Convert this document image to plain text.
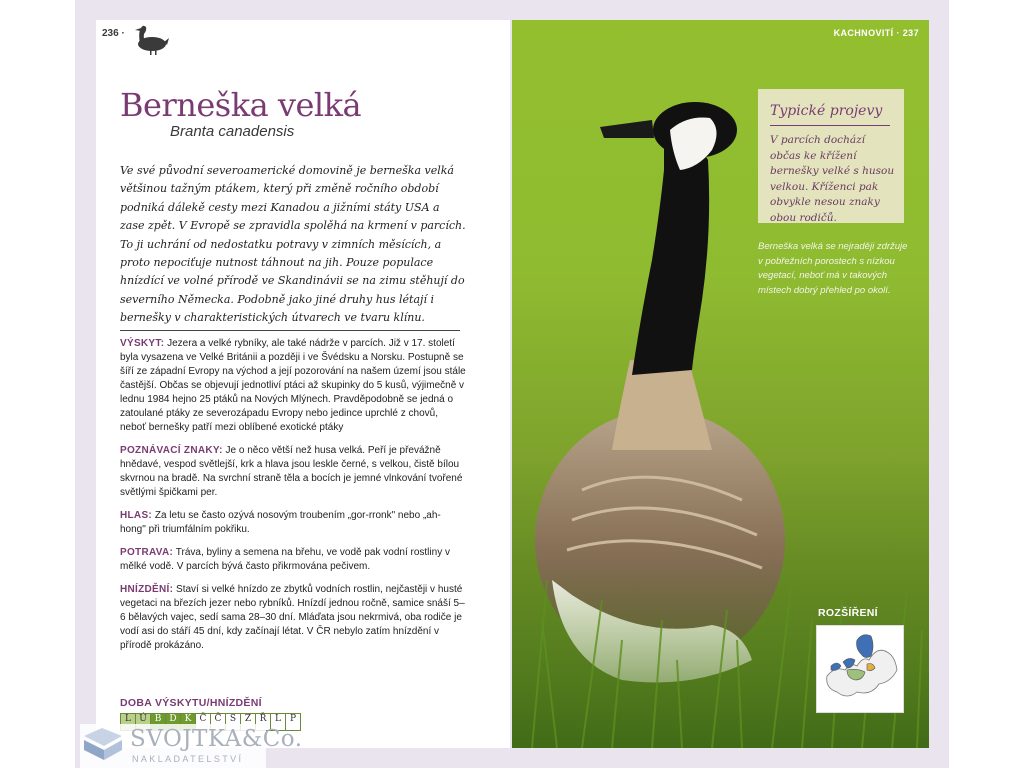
236 ·
Berneška velká
Branta canadensis

Ve své původní severoamerické domovině je berneška velká většinou tažným ptákem, který při změně ročního období podniká dálekě cesty mezi Kanadou a jižními státy USA a zase zpět. V Evropě se zpravidla spolěhá na krmení v parcích. To ji uchrání od nedostatku potravy v zimních měsících, a proto nepociťuje nutnost táhnout na jih. Pouze populace hnízdící ve volné přírodě ve Skandinávii se na zimu stěhují do severního Německa. Podobně jako jiné druhy hus létají i bernešky v charakteristických útvarech ve tvaru klínu.

VÝSKYT: Jezera a velké rybníky, ale také nádrže v parcích. Již v 17. století byla vysazena ve Velké Británii a později i ve Švédsku a Norsku. Postupně se šíří ze západní Evropy na východ a její pozorování na našem území jsou stále častější. Občas se objevují jednotliví ptáci až skupinky do 5 kusů, výjimečně v lednu 1984 hejno 25 ptáků na Nových Mlýnech. Pravděpodobně se jedná o zatoulané ptáky ze severozápadu Evropy nebo jedince uprchlé z chovů, neboť bernešky patří mezi oblíbené exotické ptáky

POZNÁVACÍ ZNAKY: Je o něco větší než husa velká. Peří je převážně hnědavé, vespod světlejší, krk a hlava jsou leskle černé, s velkou, čistě bílou skvrnou na bradě. Na svrchní straně těla a bocích je jemné vlnkování tvořené světlými špičkami per.

HLAS: Za letu se často ozývá nosovým troubením „gor-rronk" nebo „ah-hong" při triumfálním pokřiku.

POTRAVA: Tráva, byliny a semena na břehu, ve vodě pak vodní rostliny v mělké vodě. V parcích bývá často přikrmována pečivem.

HNÍZDĚNÍ: Staví si velké hnízdo ze zbytků vodních rostlin, nejčastěji v husté vegetaci na březích jezer nebo rybníků. Hnízdí jednou ročně, samice snáší 5–6 bělavých vajec, sedí sama 28–30 dní. Mláďata jsou nekrmivá, oba rodiče je vodí asi do stáří 45 dní, kdy začínají létat. V ČR nebylo zatím hnízdění v přírodě prokázáno.

DOBA VÝSKYTU/HNÍZDĚNÍ
L Ú B D K Č Č S Z Ř L P
KACHNOVITÍ · 237
Typické projevy

V parcích dochází občas ke křížení bernešky velké s husou velkou. Kříženci pak obvykle nesou znaky obou rodičů.

Berneška velká se nejraději zdržuje v pobřežních porostech s nízkou vegetací, neboť má v takových místech dobrý přehled po okolí.

ROZŠÍŘENÍ
SVOJTKA&Co.
NAKLADATELSTVÍ
